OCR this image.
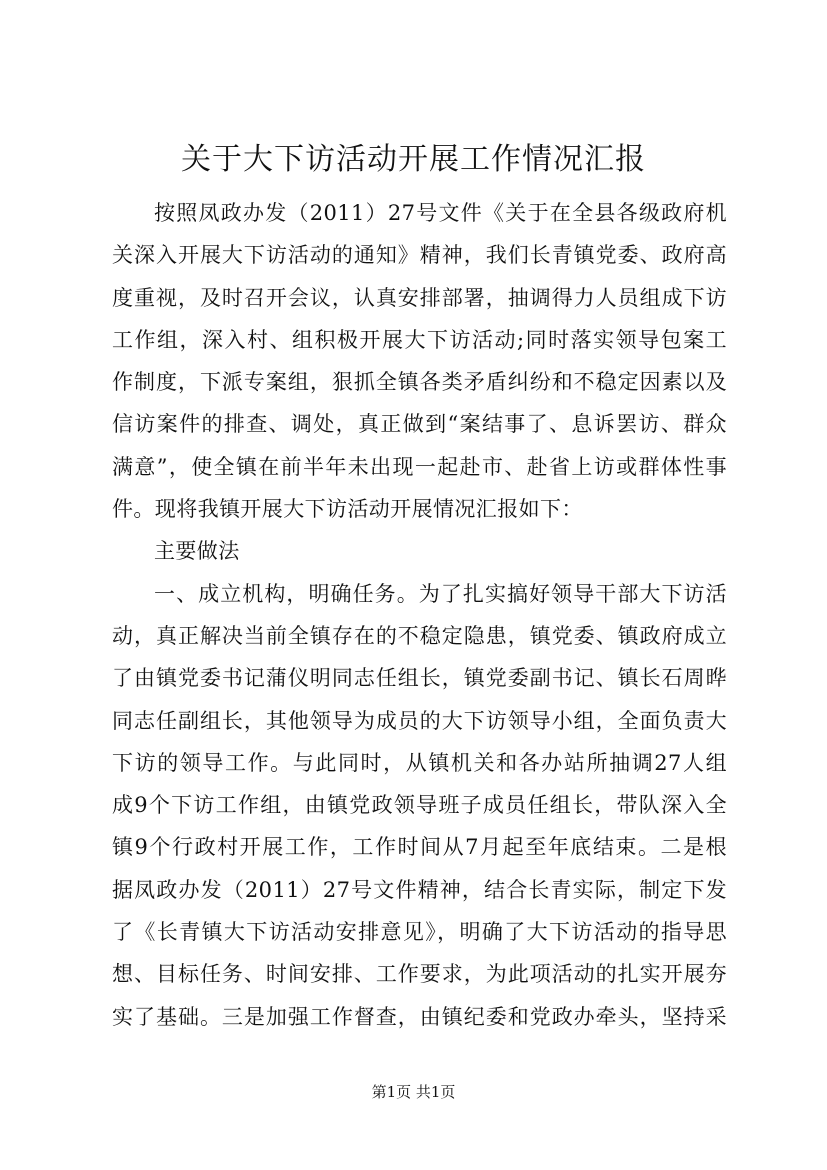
关于大下访活动开展工作情况汇报
按照凤政办发（2011）27号文件《关于在全县各级政府机
关深入开展大下访活动的通知》精神，我们长青镇党委、政府高
度重视，及时召开会议，认真安排部署，抽调得力人员组成下访
工作组，深入村、组积极开展大下访活动;同时落实领导包案工
作制度，下派专案组，狠抓全镇各类矛盾纠纷和不稳定因素以及
信访案件的排查、调处，真正做到“案结事了、息诉罢访、群众
满意”，使全镇在前半年未出现一起赴市、赴省上访或群体性事
件。现将我镇开展大下访活动开展情况汇报如下：
主要做法
一、成立机构，明确任务。为了扎实搞好领导干部大下访活
动，真正解决当前全镇存在的不稳定隐患，镇党委、镇政府成立
了由镇党委书记蒲仪明同志任组长，镇党委副书记、镇长石周晔
同志任副组长，其他领导为成员的大下访领导小组，全面负责大
下访的领导工作。与此同时，从镇机关和各办站所抽调27人组
成9个下访工作组，由镇党政领导班子成员任组长，带队深入全
镇9个行政村开展工作，工作时间从7月起至年底结束。二是根
据凤政办发（2011）27号文件精神，结合长青实际，制定下发
了《长青镇大下访活动安排意见》，明确了大下访活动的指导思
想、目标任务、时间安排、工作要求，为此项活动的扎实开展夯
实了基础。三是加强工作督查，由镇纪委和党政办牵头，坚持采
第1页 共1页
